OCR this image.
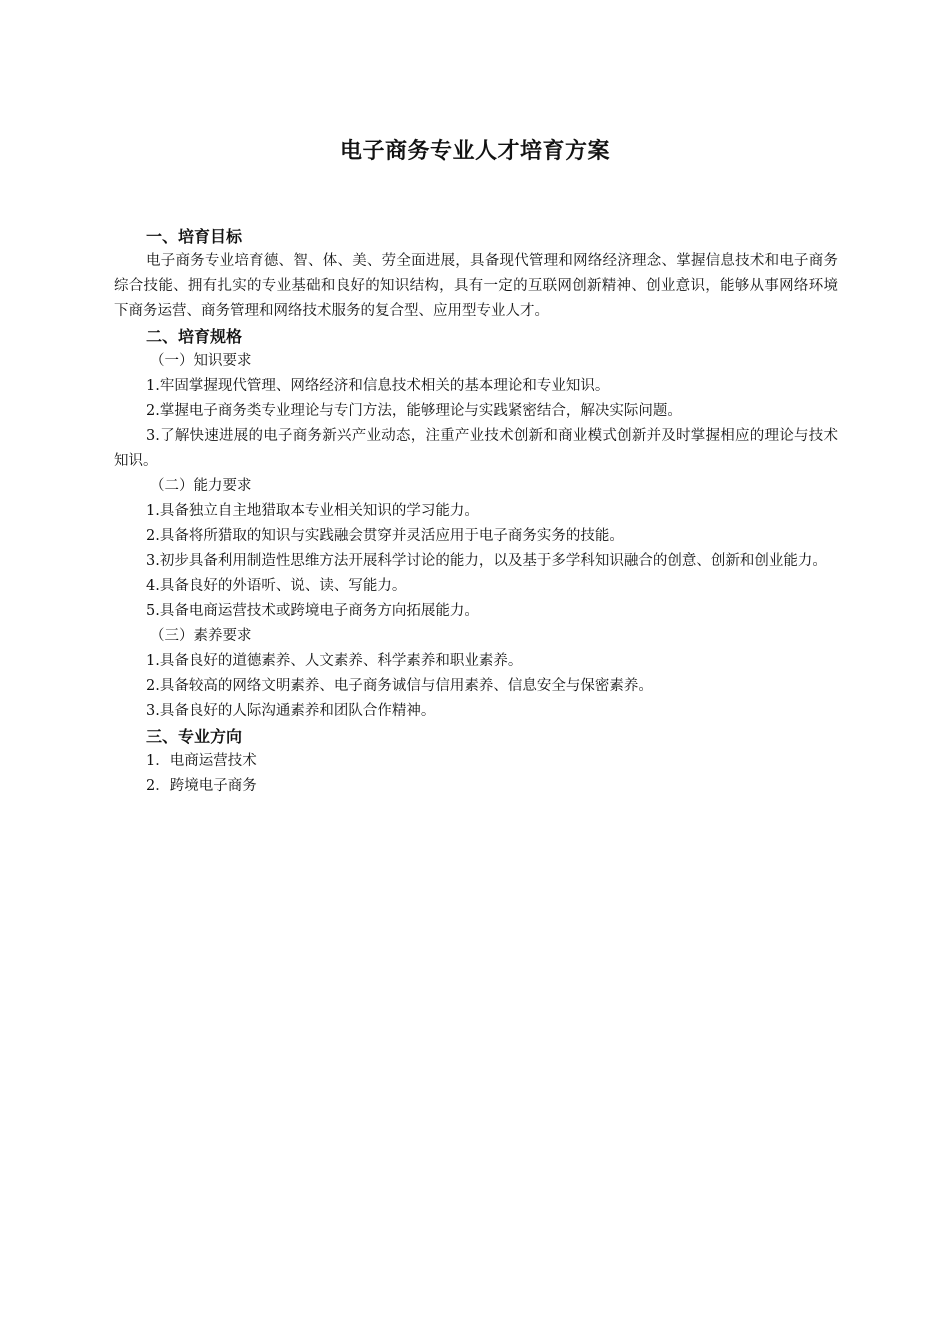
电子商务专业人才培育方案
一、培育目标

电子商务专业培育德、智、体、美、劳全面进展，具备现代管理和网络经济理念、掌握信息技术和电子商务综合技能、拥有扎实的专业基础和良好的知识结构，具有一定的互联网创新精神、创业意识，能够从事网络环境下商务运营、商务管理和网络技术服务的复合型、应用型专业人才。

二、培育规格

（一）知识要求

1.牢固掌握现代管理、网络经济和信息技术相关的基本理论和专业知识。

2.掌握电子商务类专业理论与专门方法，能够理论与实践紧密结合，解决实际问题。

3.了解快速进展的电子商务新兴产业动态，注重产业技术创新和商业模式创新并及时掌握相应的理论与技术知识。

（二）能力要求

1.具备独立自主地猎取本专业相关知识的学习能力。

2.具备将所猎取的知识与实践融会贯穿并灵活应用于电子商务实务的技能。

3.初步具备利用制造性思维方法开展科学讨论的能力，以及基于多学科知识融合的创意、创新和创业能力。

4.具备良好的外语听、说、读、写能力。

5.具备电商运营技术或跨境电子商务方向拓展能力。

（三）素养要求

1.具备良好的道德素养、人文素养、科学素养和职业素养。

2.具备较高的网络文明素养、电子商务诚信与信用素养、信息安全与保密素养。

3.具备良好的人际沟通素养和团队合作精神。

三、专业方向

1．电商运营技术

2．跨境电子商务
